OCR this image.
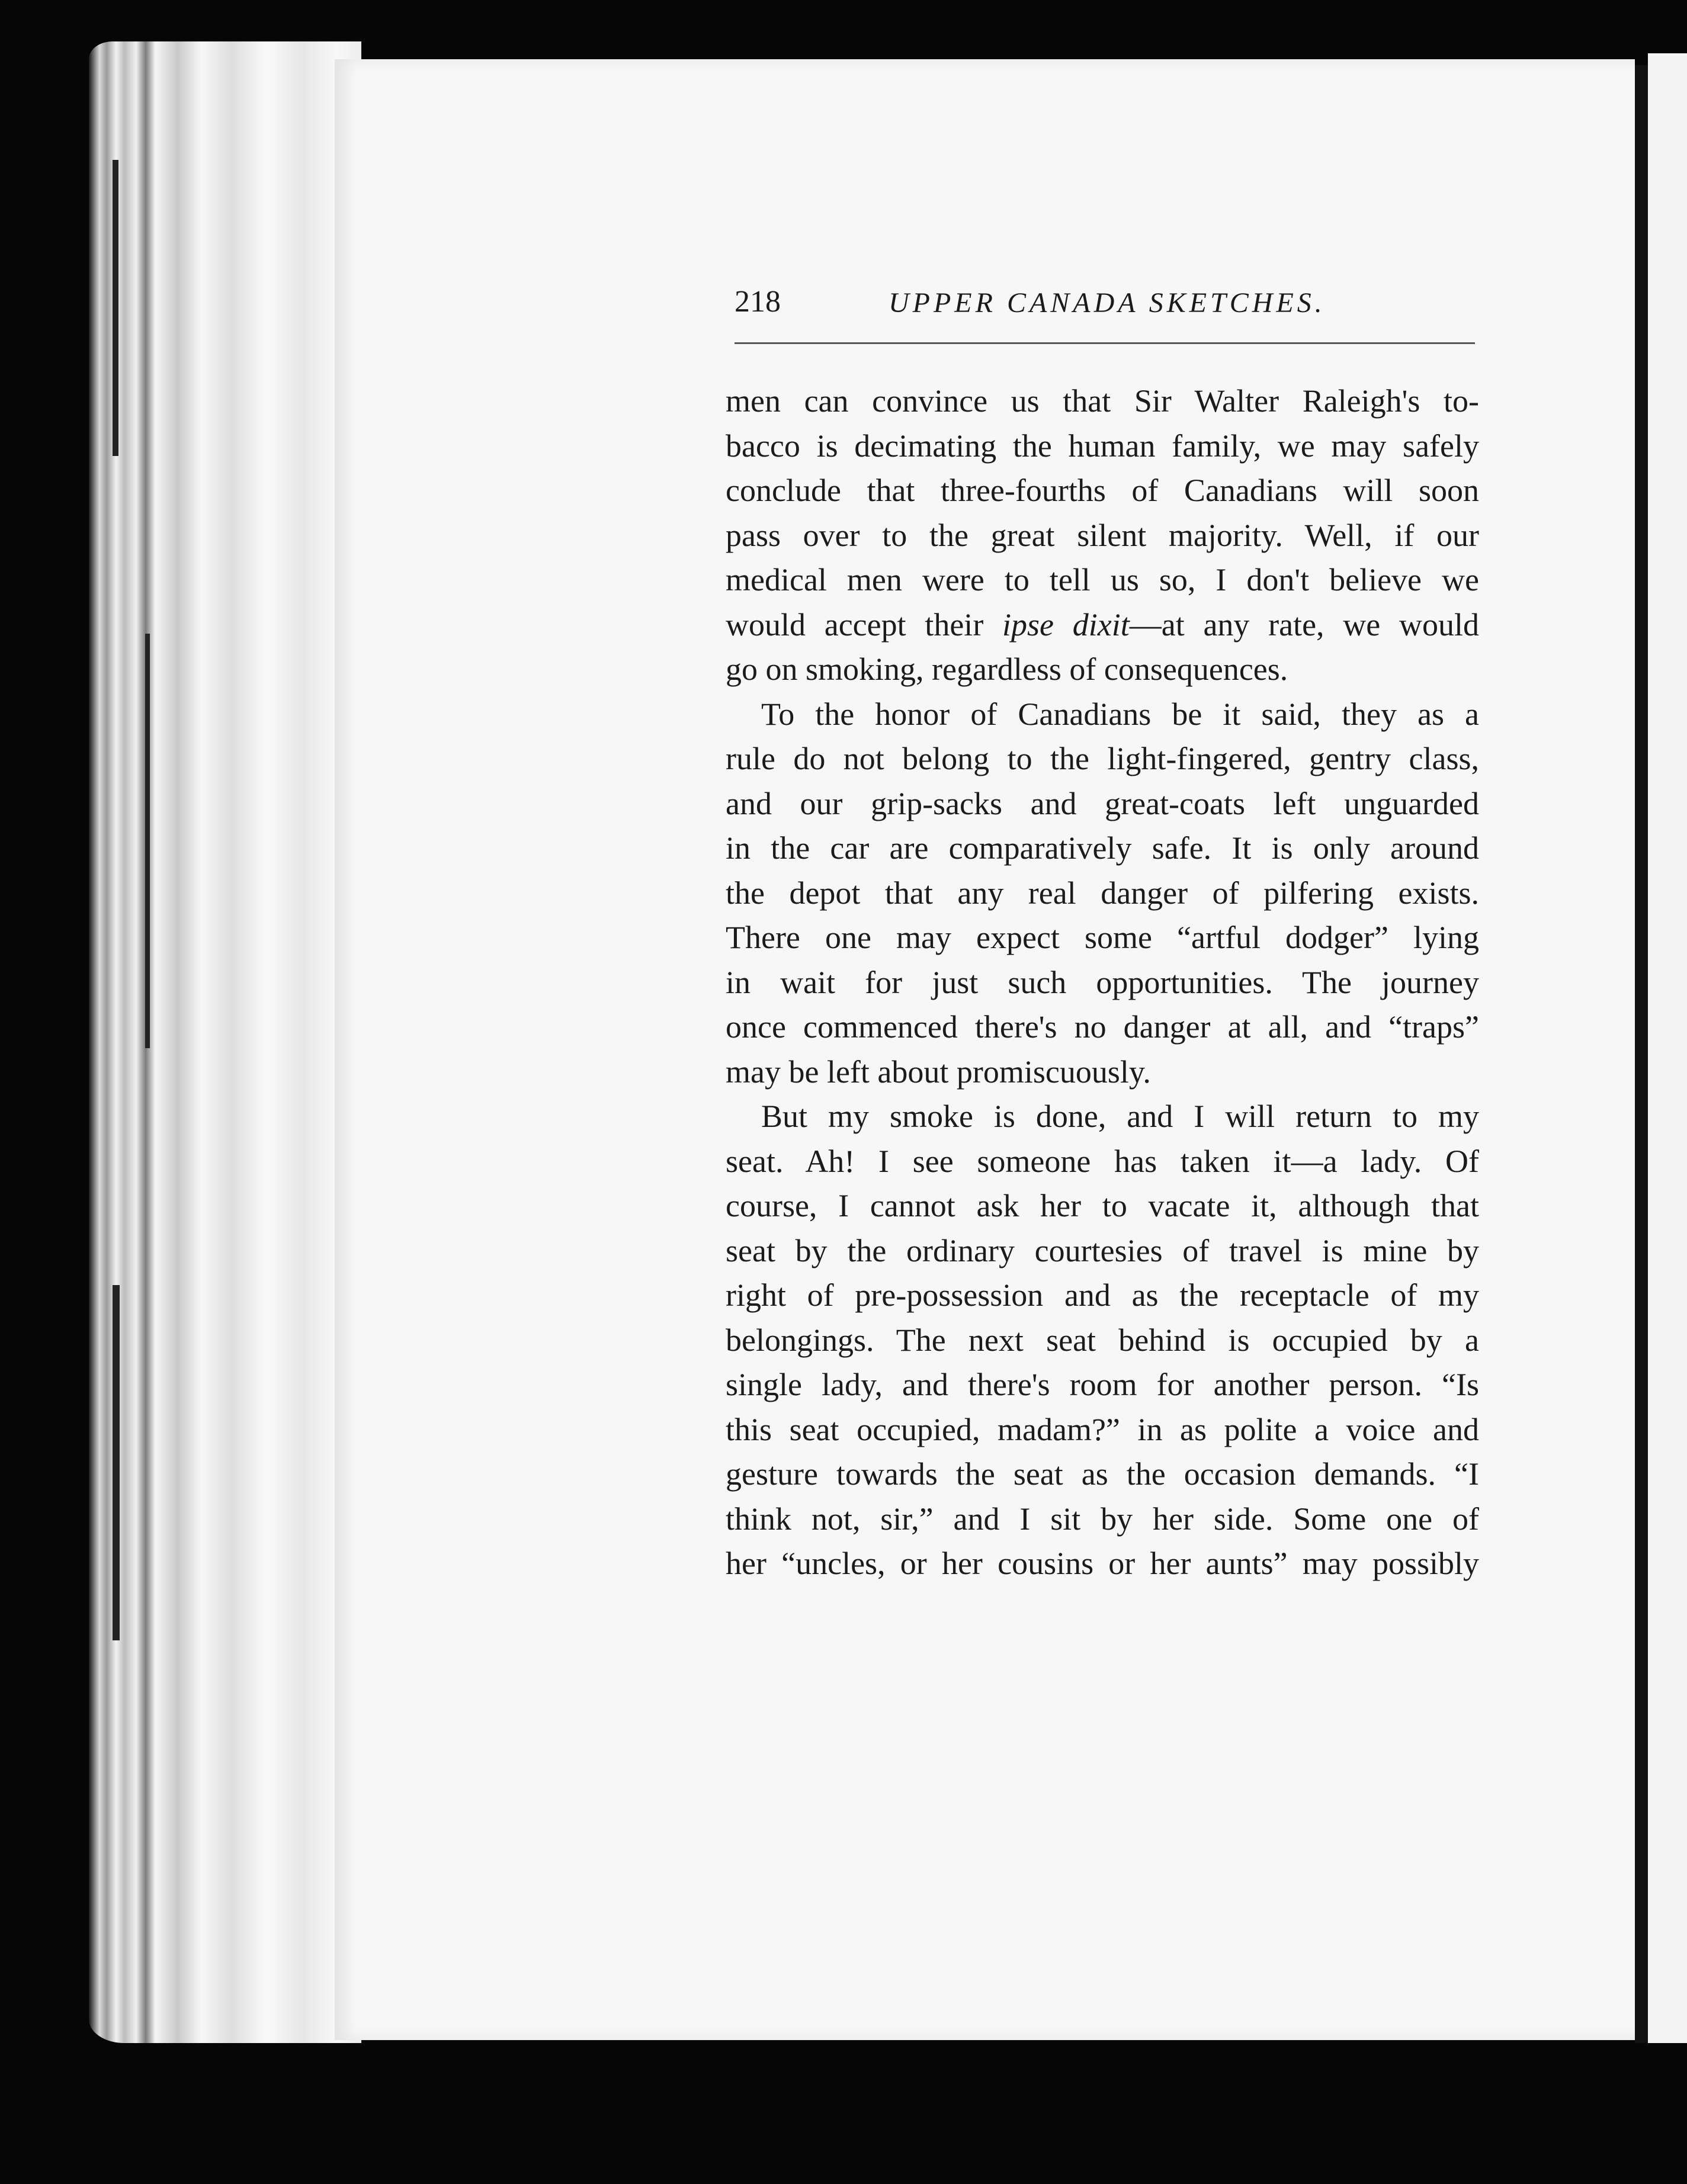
218	UPPER CANADA SKETCHES.
men can convince us that Sir Walter Raleigh's to-
bacco is decimating the human family, we may safely
conclude that three-fourths of Canadians will soon
pass over to the great silent majority. Well, if our
medical men were to tell us so, I don't believe we
would accept their ipse dixit—at any rate, we would
go on smoking, regardless of consequences.
To the honor of Canadians be it said, they as a
rule do not belong to the light-fingered, gentry class,
and our grip-sacks and great-coats left unguarded
in the car are comparatively safe. It is only around
the depot that any real danger of pilfering exists.
There one may expect some “artful dodger” lying
in wait for just such opportunities. The journey
once commenced there's no danger at all, and “traps”
may be left about promiscuously.
But my smoke is done, and I will return to my
seat. Ah! I see someone has taken it—a lady. Of
course, I cannot ask her to vacate it, although that
seat by the ordinary courtesies of travel is mine by
right of pre-possession and as the receptacle of my
belongings. The next seat behind is occupied by a
single lady, and there's room for another person. “Is
this seat occupied, madam?” in as polite a voice and
gesture towards the seat as the occasion demands. “I
think not, sir,” and I sit by her side. Some one of
her “uncles, or her cousins or her aunts” may possibly
